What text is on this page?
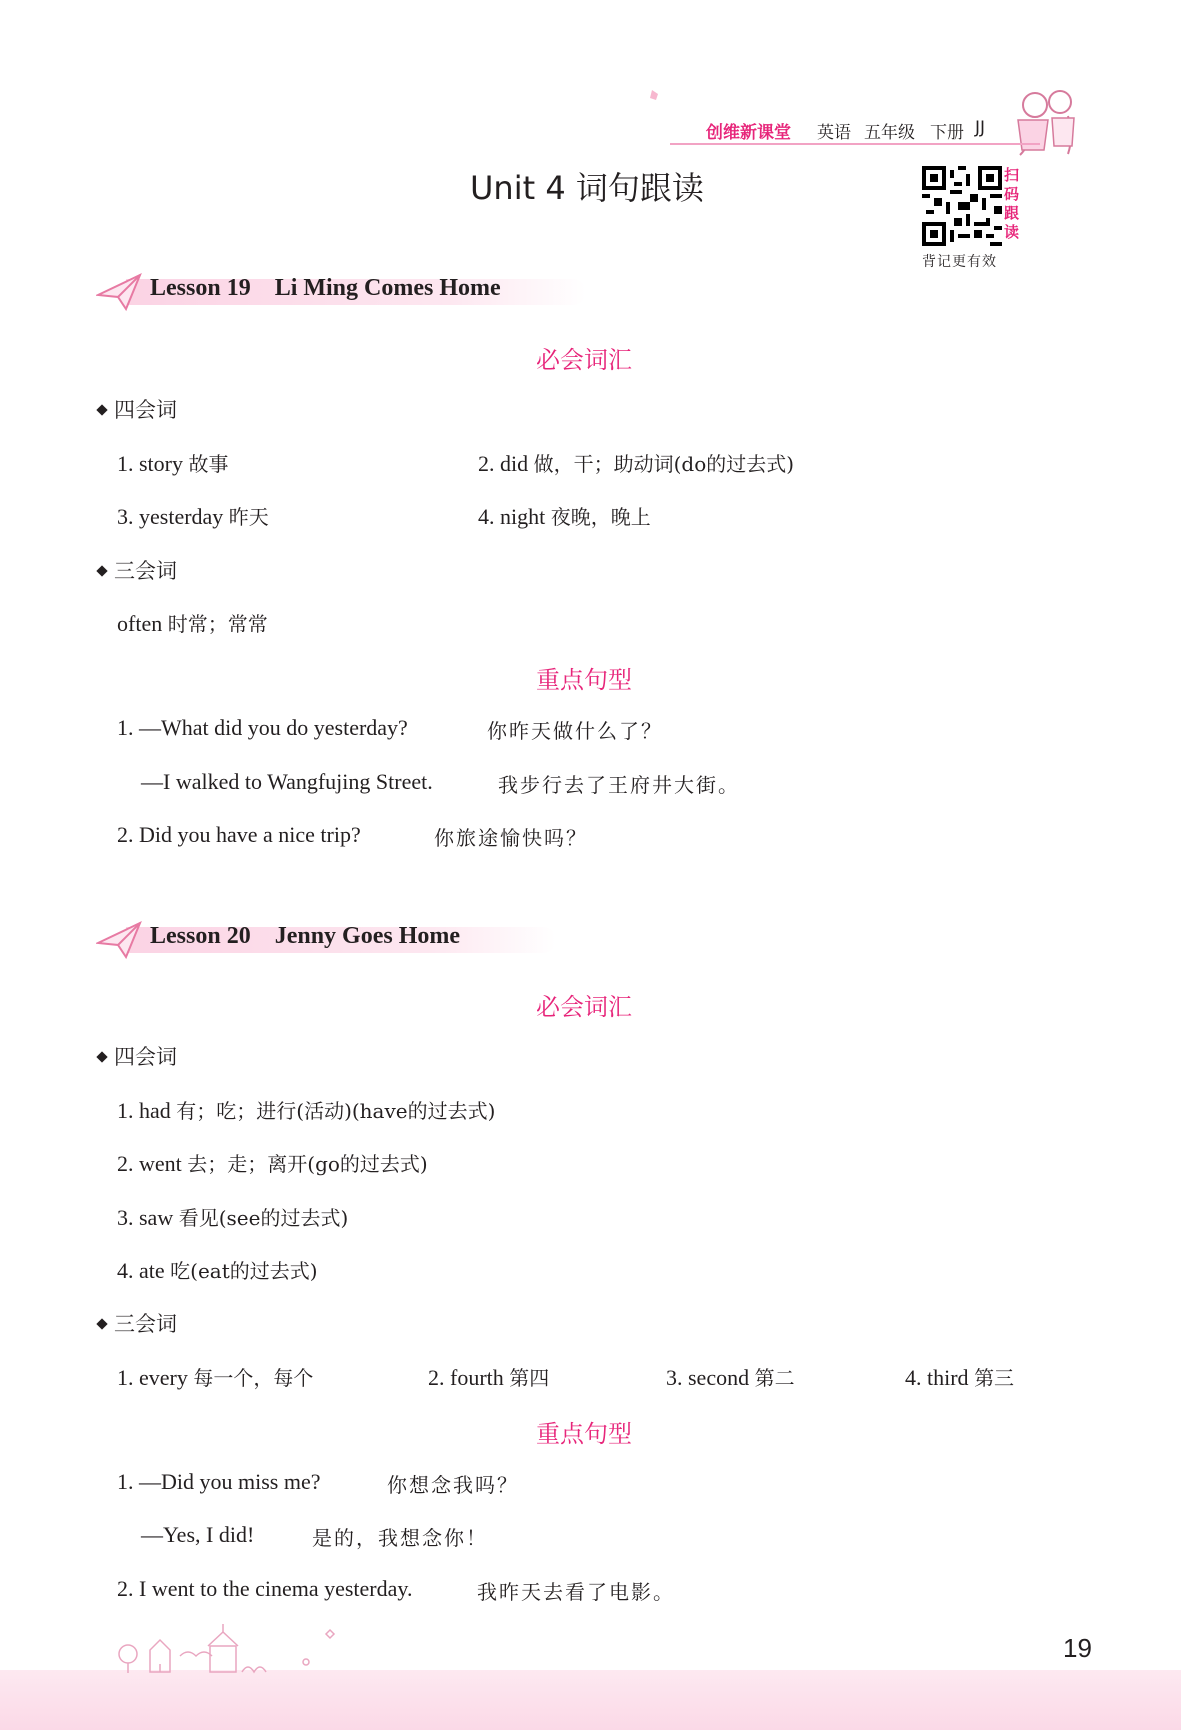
创维新课堂 英语 五年级 下册 JJ
Unit 4 词句跟读	扫
码
跟
读
背记更有效
Lesson 19    Li Ming Comes Home
必会词汇
四会词
1. story 故事	2. did 做，干；助动词(do的过去式)
3. yesterday 昨天	4. night 夜晚，晚上
三会词
often 时常；常常
重点句型
1. —What did you do yesterday?	你昨天做什么了？
—I walked to Wangfujing Street.	我步行去了王府井大街。
2. Did you have a nice trip?	你旅途愉快吗？
Lesson 20    Jenny Goes Home
必会词汇
四会词
1. had 有；吃；进行(活动)(have的过去式)
2. went 去；走；离开(go的过去式)
3. saw 看见(see的过去式)
4. ate 吃(eat的过去式)
三会词
1. every 每一个，每个	2. fourth 第四	3. second 第二	4. third 第三
重点句型
1. —Did you miss me?	你想念我吗？
—Yes, I did!	是的，我想念你！
2. I went to the cinema yesterday.	我昨天去看了电影。
19
